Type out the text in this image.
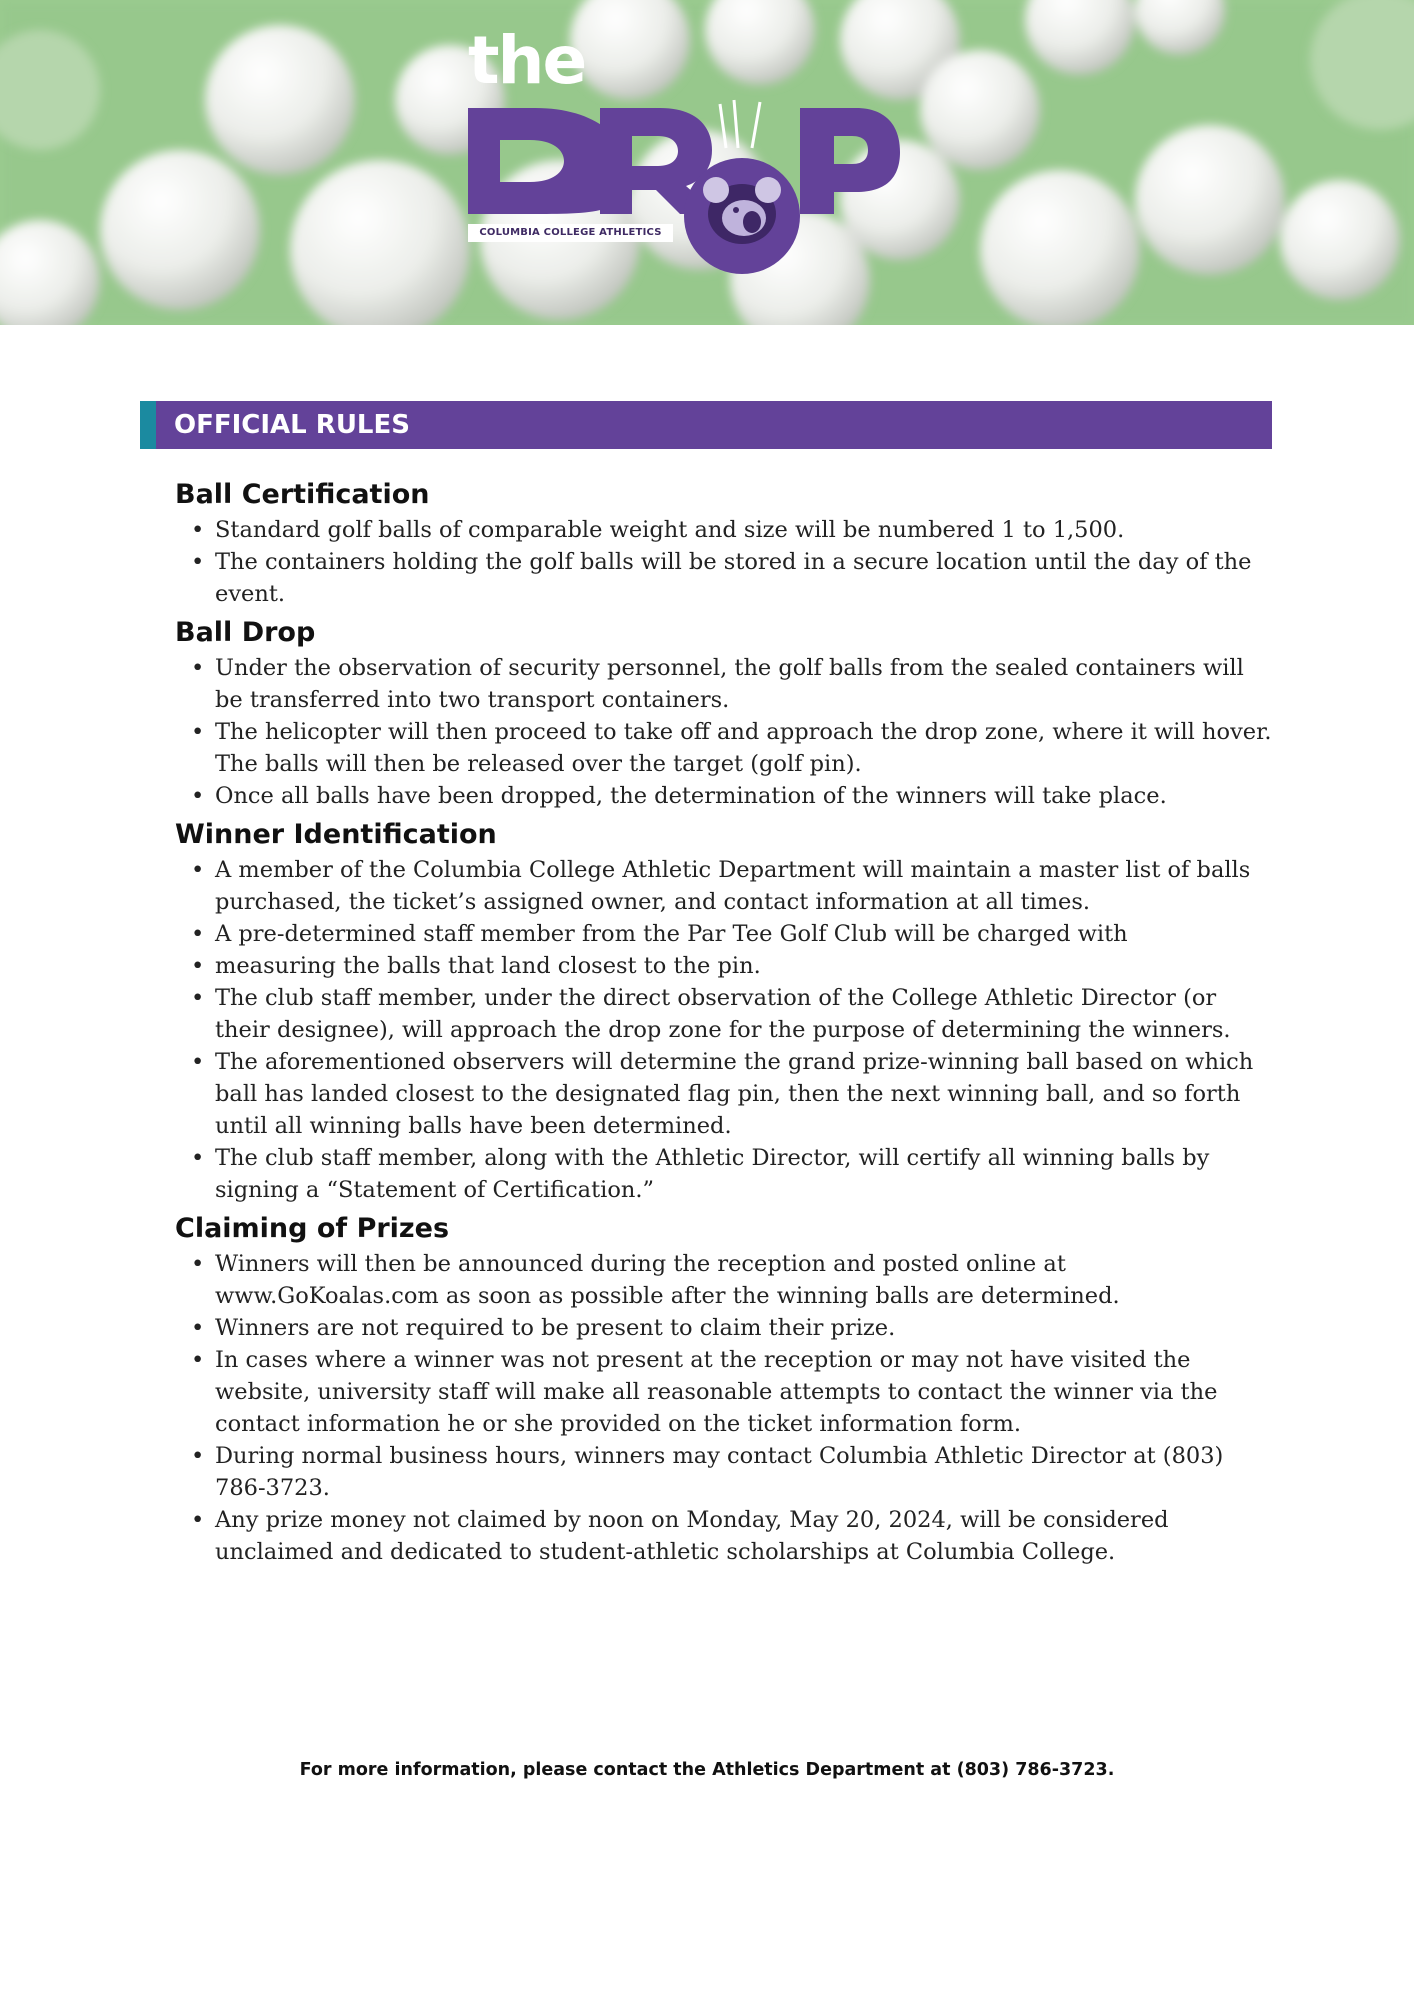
the
COLUMBIA COLLEGE ATHLETICS
OFFICIAL RULES
Ball Certification
• Standard golf balls of comparable weight and size will be numbered 1 to 1,500.
• The containers holding the golf balls will be stored in a secure location until the day of the event.
Ball Drop
• Under the observation of security personnel, the golf balls from the sealed containers will be transferred into two transport containers.
• The helicopter will then proceed to take off and approach the drop zone, where it will hover. The balls will then be released over the target (golf pin).
• Once all balls have been dropped, the determination of the winners will take place.
Winner Identification
• A member of the Columbia College Athletic Department will maintain a master list of balls purchased, the ticket’s assigned owner, and contact information at all times.
• A pre-determined staff member from the Par Tee Golf Club will be charged with
• measuring the balls that land closest to the pin.
• The club staff member, under the direct observation of the College Athletic Director (or their designee), will approach the drop zone for the purpose of determining the winners.
• The aforementioned observers will determine the grand prize-winning ball based on which ball has landed closest to the designated flag pin, then the next winning ball, and so forth until all winning balls have been determined.
• The club staff member, along with the Athletic Director, will certify all winning balls by signing a “Statement of Certification.”
Claiming of Prizes
• Winners will then be announced during the reception and posted online at www.GoKoalas.com as soon as possible after the winning balls are determined.
• Winners are not required to be present to claim their prize.
• In cases where a winner was not present at the reception or may not have visited the website, university staff will make all reasonable attempts to contact the winner via the contact information he or she provided on the ticket information form.
• During normal business hours, winners may contact Columbia Athletic Director at (803) 786-3723.
• Any prize money not claimed by noon on Monday, May 20, 2024, will be considered unclaimed and dedicated to student-athletic scholarships at Columbia College.
For more information, please contact the Athletics Department at (803) 786-3723.
